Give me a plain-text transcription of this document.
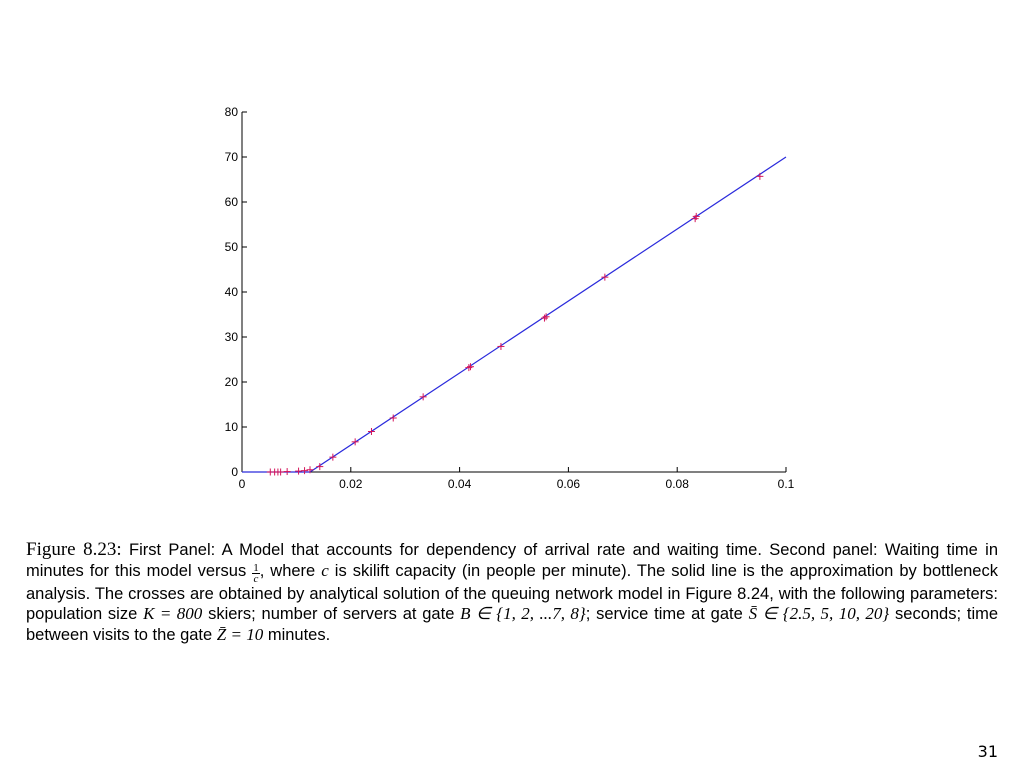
0	0.02	0.04	0.06	0.08	0.1
0
10
20
30
40
50
60
70
80
Figure 8.23: First Panel: A Model that accounts for dependency of arrival rate and waiting time. Second panel: Waiting time in minutes for this model versus $\frac{1}{c}$ , where c is skilift capacity (in people per minute). The solid line is the approximation by bottleneck analysis. The crosses are obtained by analytical solution of the queuing network model in Figure 8.24, with the following parameters: population size K = 800 skiers; number of servers at gate B ∈ {1, 2, ...7, 8}; service time at gate S̄ ∈ {2.5, 5, 10, 20} seconds; time between visits to the gate Z̄ = 10 minutes.
31
